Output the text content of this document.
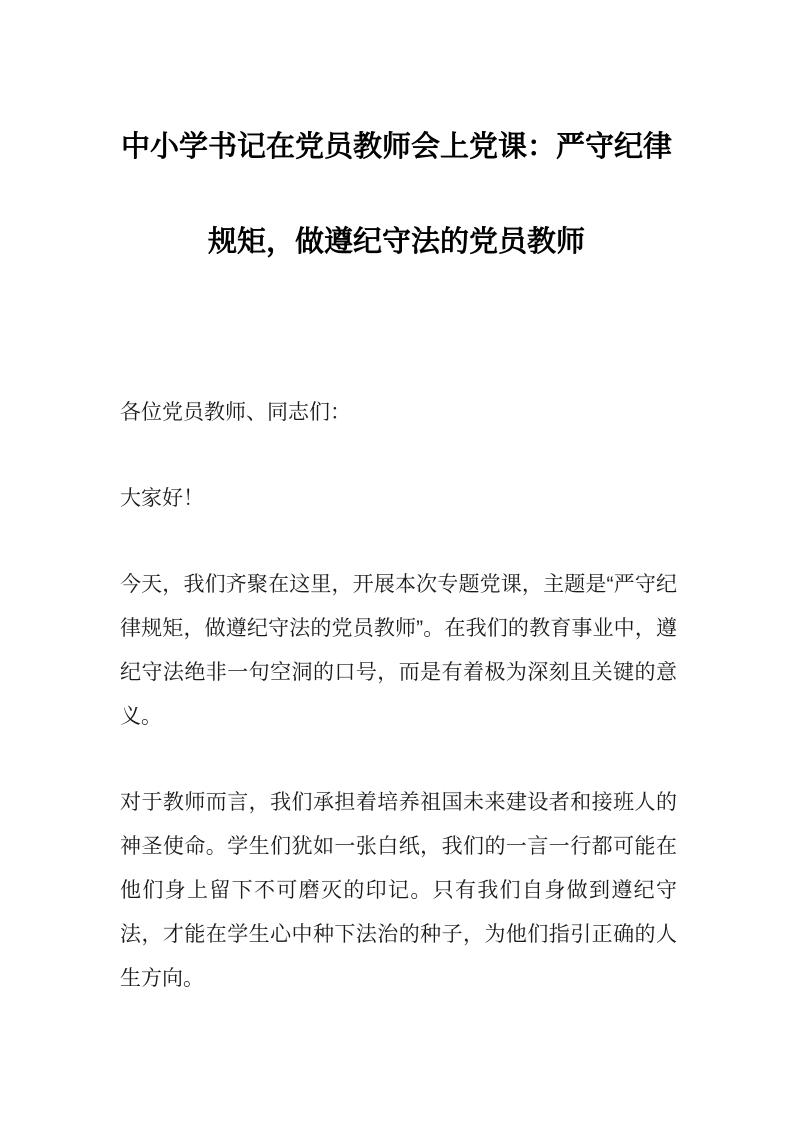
中小学书记在党员教师会上党课：严守纪律
规矩，做遵纪守法的党员教师

各位党员教师、同志们：

大家好！

今天，我们齐聚在这里，开展本次专题党课，主题是“严守纪律规矩，做遵纪守法的党员教师”。在我们的教育事业中，遵纪守法绝非一句空洞的口号，而是有着极为深刻且关键的意义。

对于教师而言，我们承担着培养祖国未来建设者和接班人的神圣使命。学生们犹如一张白纸，我们的一言一行都可能在他们身上留下不可磨灭的印记。只有我们自身做到遵纪守法，才能在学生心中种下法治的种子，为他们指引正确的人生方向。
